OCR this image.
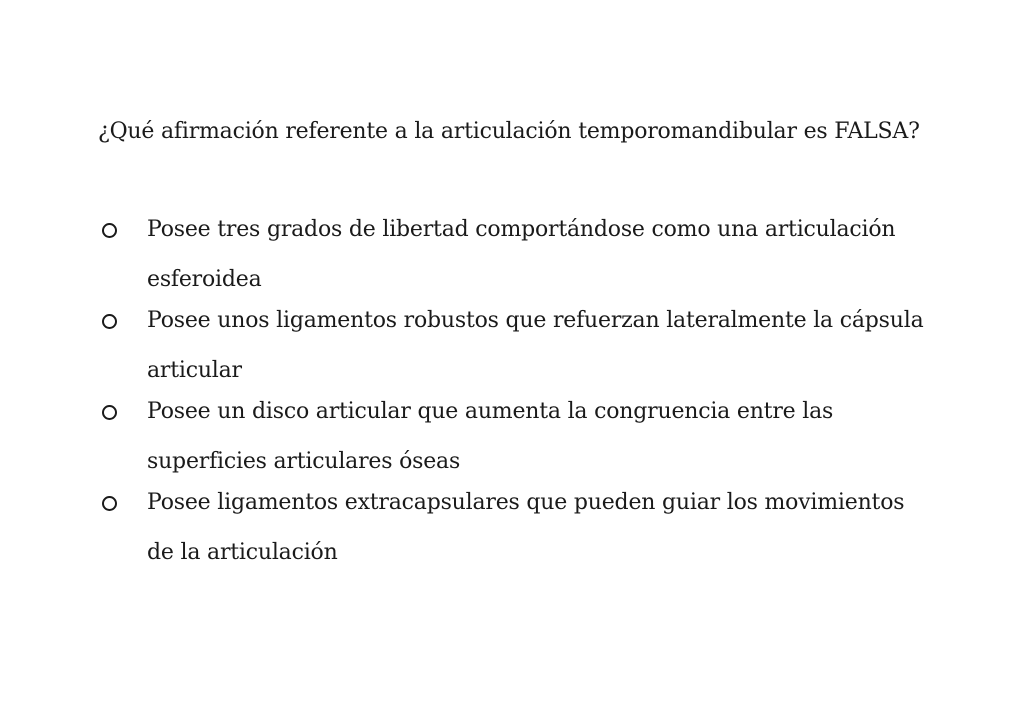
¿Qué afirmación referente a la articulación temporomandibular es FALSA?
Posee tres grados de libertad comportándose como una articulación esferoidea
Posee unos ligamentos robustos que refuerzan lateralmente la cápsula articular
Posee un disco articular que aumenta la congruencia entre las superficies articulares óseas
Posee ligamentos extracapsulares que pueden guiar los movimientos de la articulación
